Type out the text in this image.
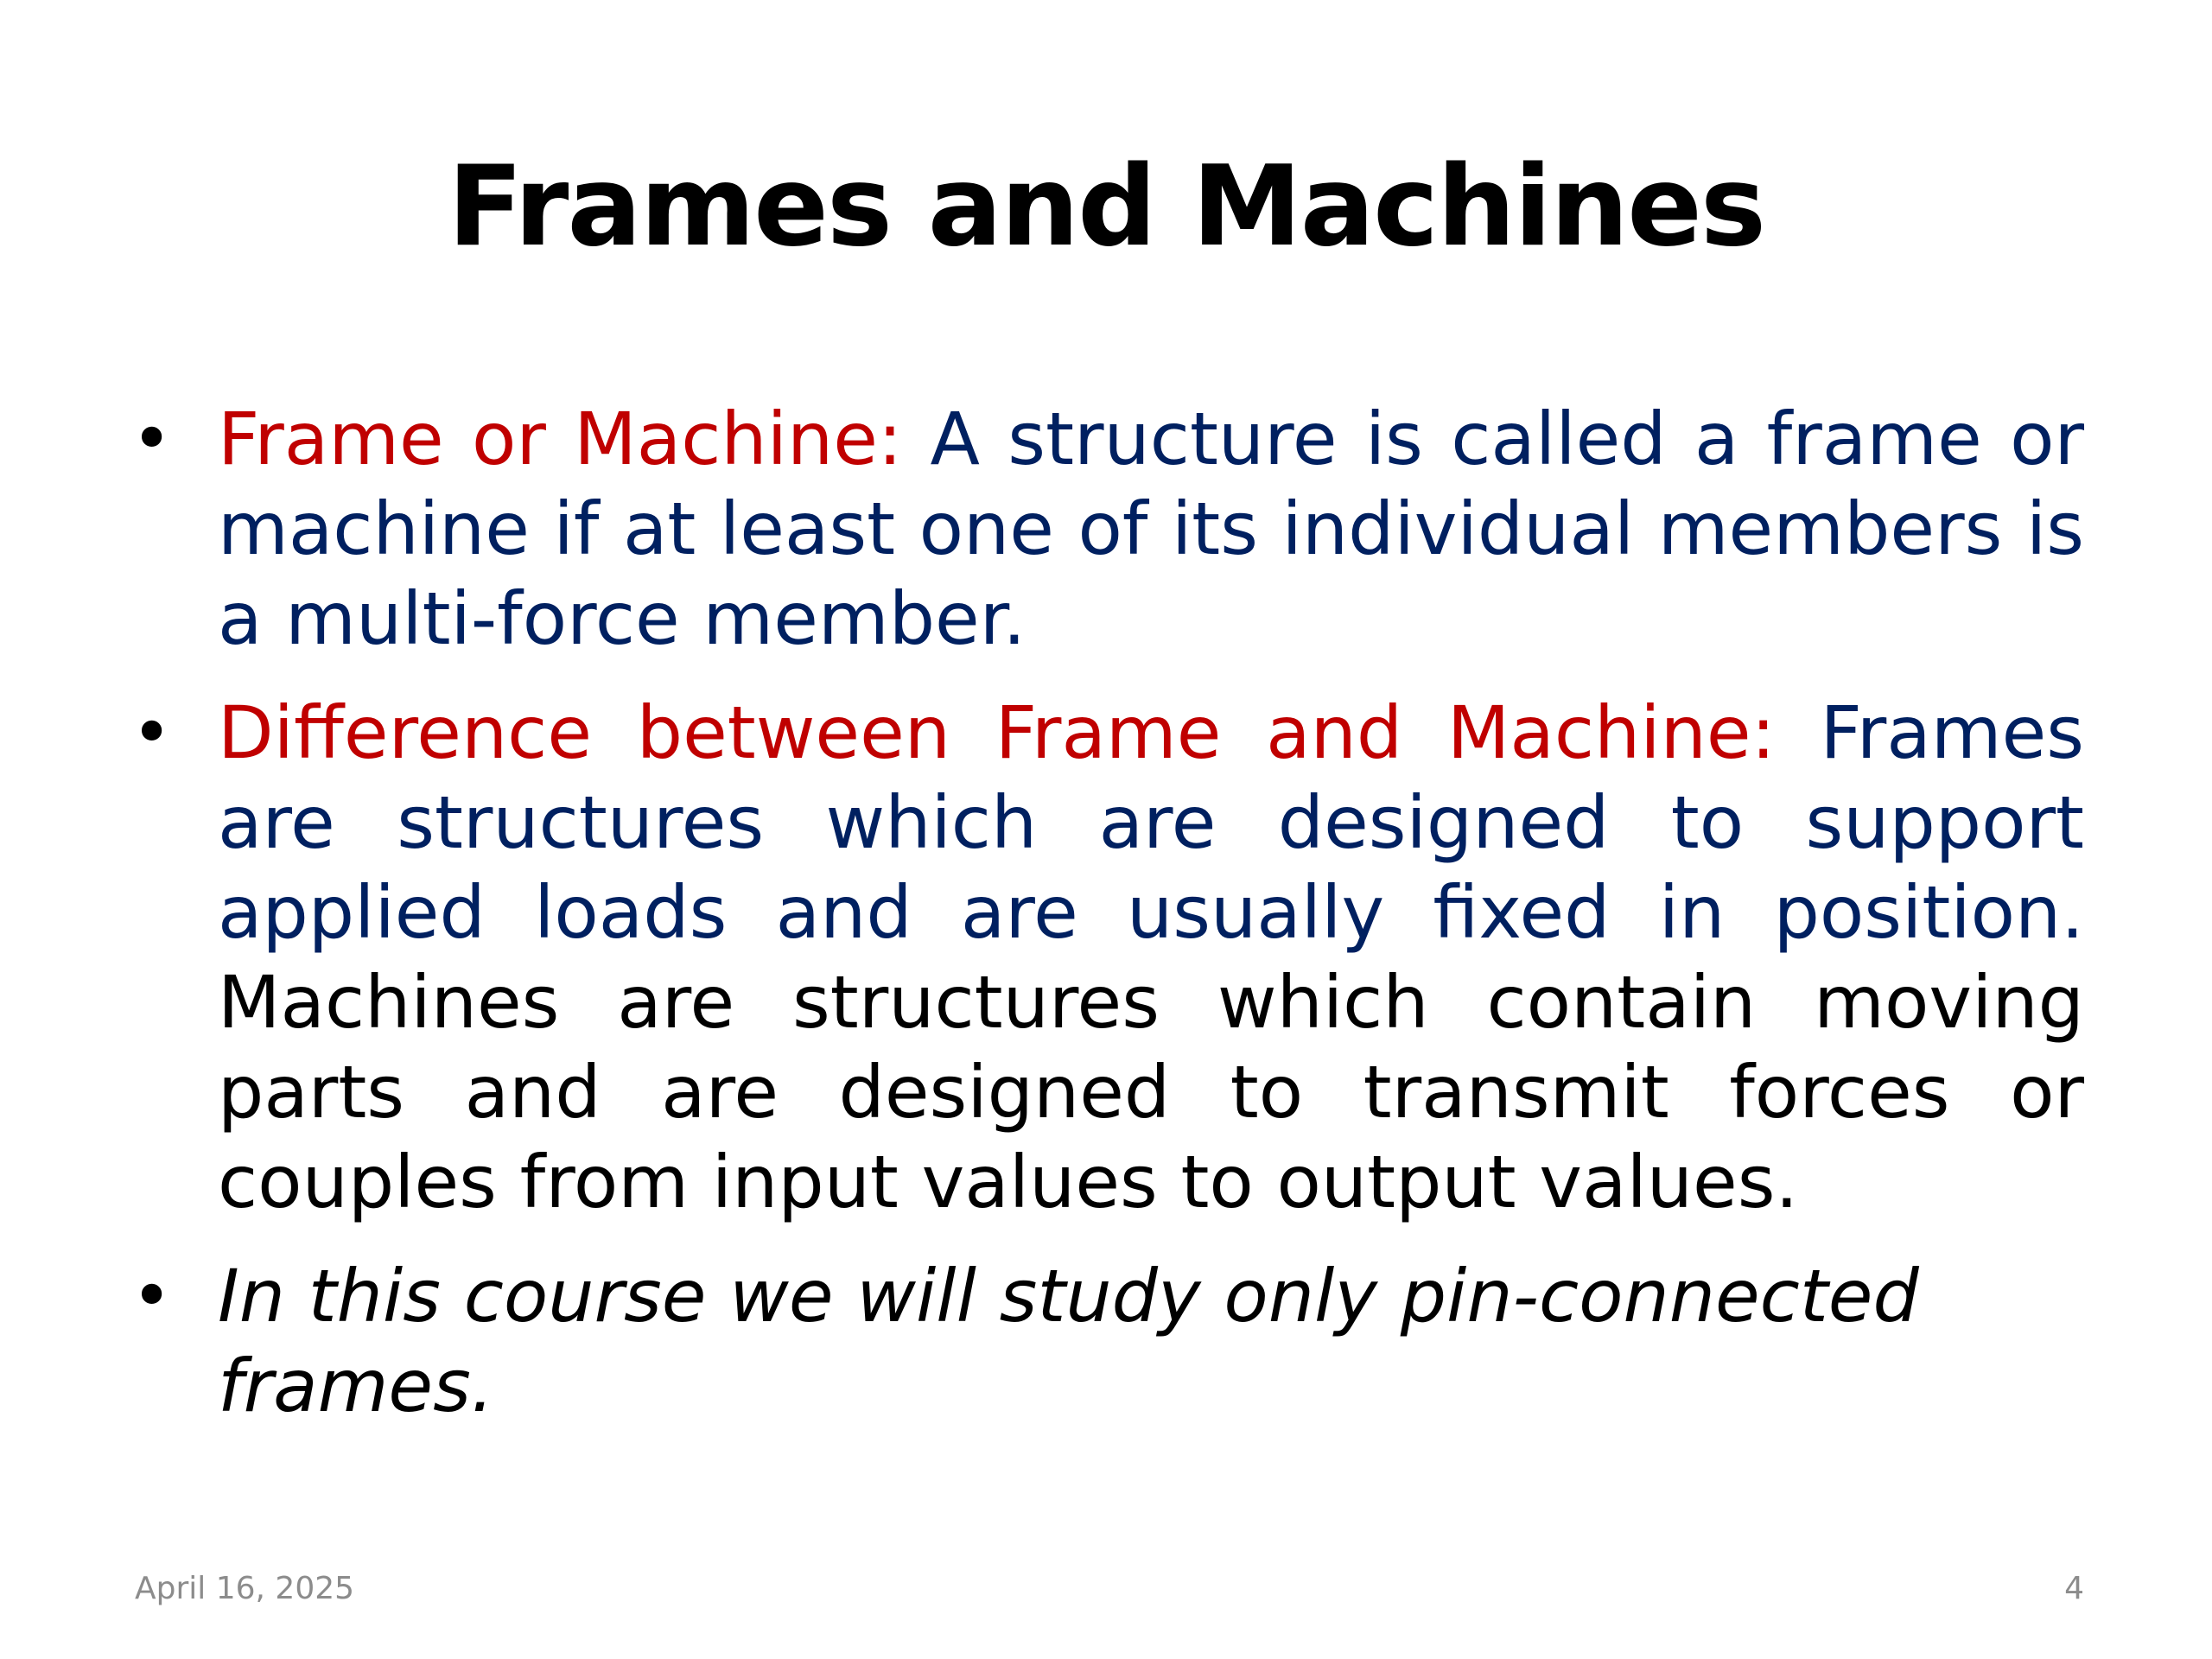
Frames and Machines
• Frame or Machine: A structure is called a frame or machine if at least one of its individual members is a multi-force member.
• Difference between Frame and Machine: Frames are structures which are designed to support applied loads and are usually fixed in position. Machines are structures which contain moving parts and are designed to transmit forces or couples from input values to output values.
• In this course we will study only pin-connected frames.
April 16, 2025	4
